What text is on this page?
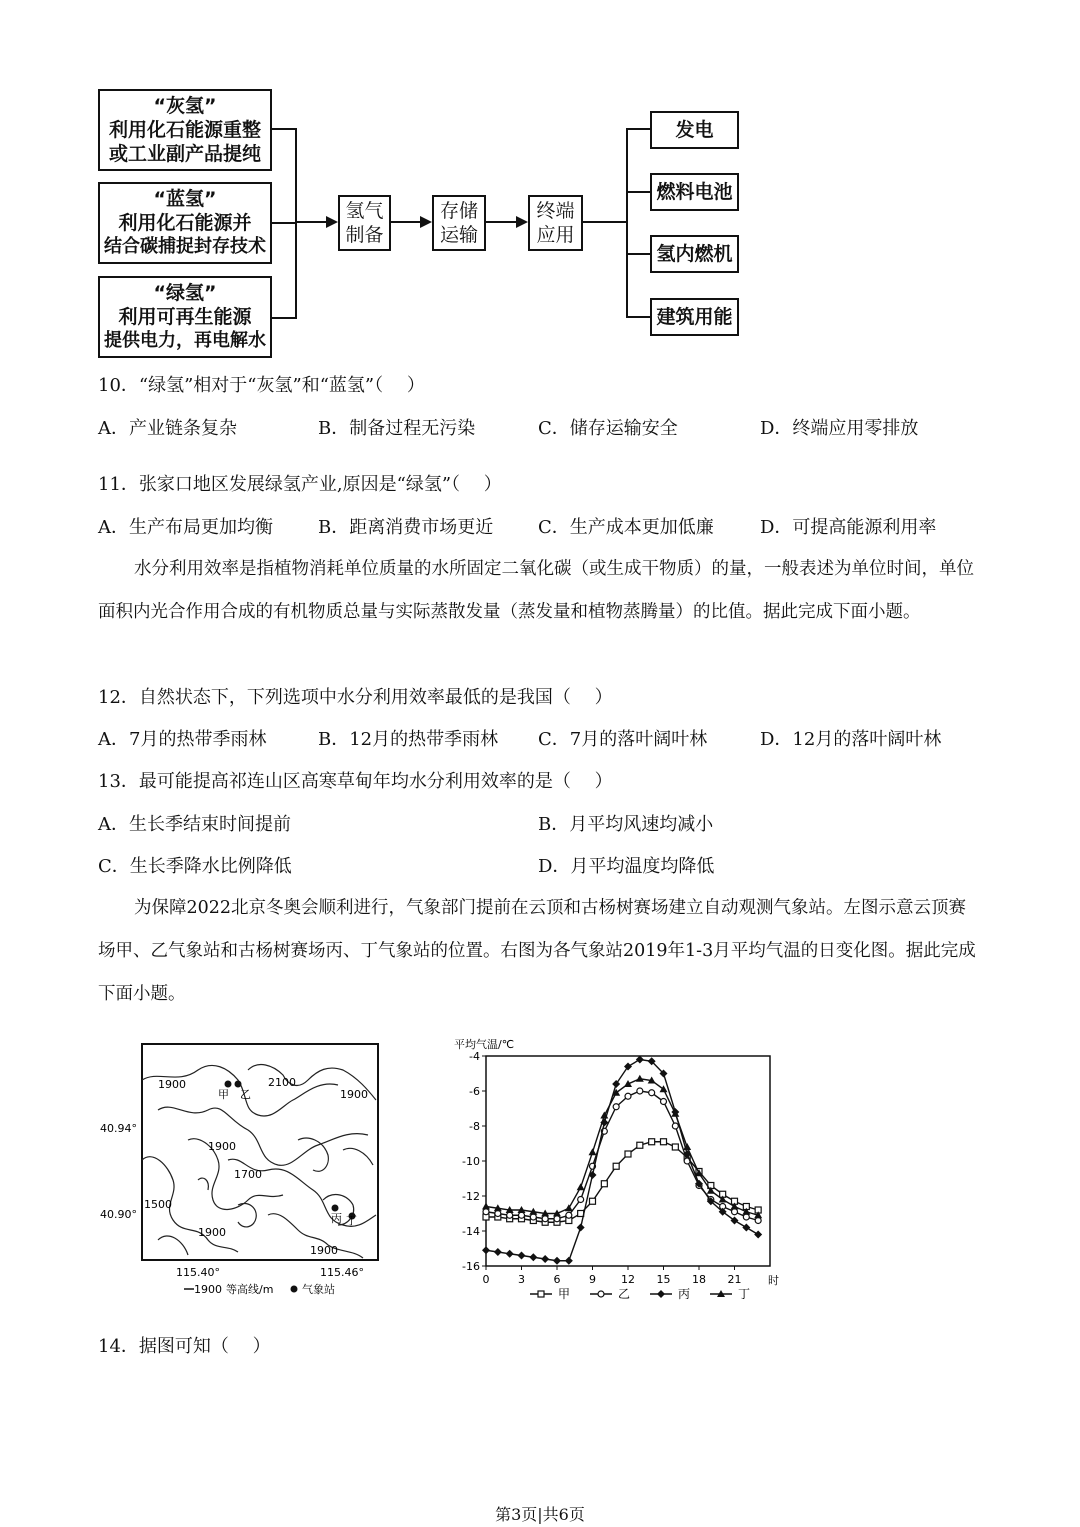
“灰氢”
利用化石能源重整
或工业副产品提纯
“蓝氢”
利用化石能源并
结合碳捕捉封存技术
“绿氢”
利用可再生能源
提供电力，再电解水
氢气
制备
存储
运输
终端
应用
发电
燃料电池
氢内燃机
建筑用能
10．“绿氢”相对于“灰氢”和“蓝氢”（　 ）
A．产业链条复杂	B．制备过程无污染	C．储存运输安全	D．终端应用零排放
11．张家口地区发展绿氢产业,原因是“绿氢”（　 ）
A．生产布局更加均衡	B．距离消费市场更近 C．生产成本更加低廉	D．可提高能源利用率
水分利用效率是指植物消耗单位质量的水所固定二氧化碳（或生成干物质）的量，一般表述为单位时间，单位面积内光合作用合成的有机物质总量与实际蒸散发量（蒸发量和植物蒸腾量）的比值。据此完成下面小题。
12．自然状态下，下列选项中水分利用效率最低的是我国（　 ）
A．7月的热带季雨林	B．12月的热带季雨林 C．7月的落叶阔叶林	D．12月的落叶阔叶林
13．最可能提高祁连山区高寒草甸年均水分利用效率的是（　 ）
A．生长季结束时间提前	B．月平均风速均减小
C．生长季降水比例降低	D．月平均温度均降低
为保障2022北京冬奥会顺利进行，气象部门提前在云顶和古杨树赛场建立自动观测气象站。左图示意云顶赛场甲、乙气象站和古杨树赛场丙、丁气象站的位置。右图为各气象站2019年1-3月平均气温的日变化图。据此完成下面小题。
1900	2100
1900
1900
1700
1500
1900
1900
甲 乙
丙 丁
40.94°
40.90°
115.40°	115.46°
1900 等高线/m	气象站
平均气温/℃
-4
-6
-8
-10
-12
-14
-16
0	3	6	9 12 15 18 21 时
甲	乙	丙	丁
14．据图可知（　 ）
第3页|共6页
